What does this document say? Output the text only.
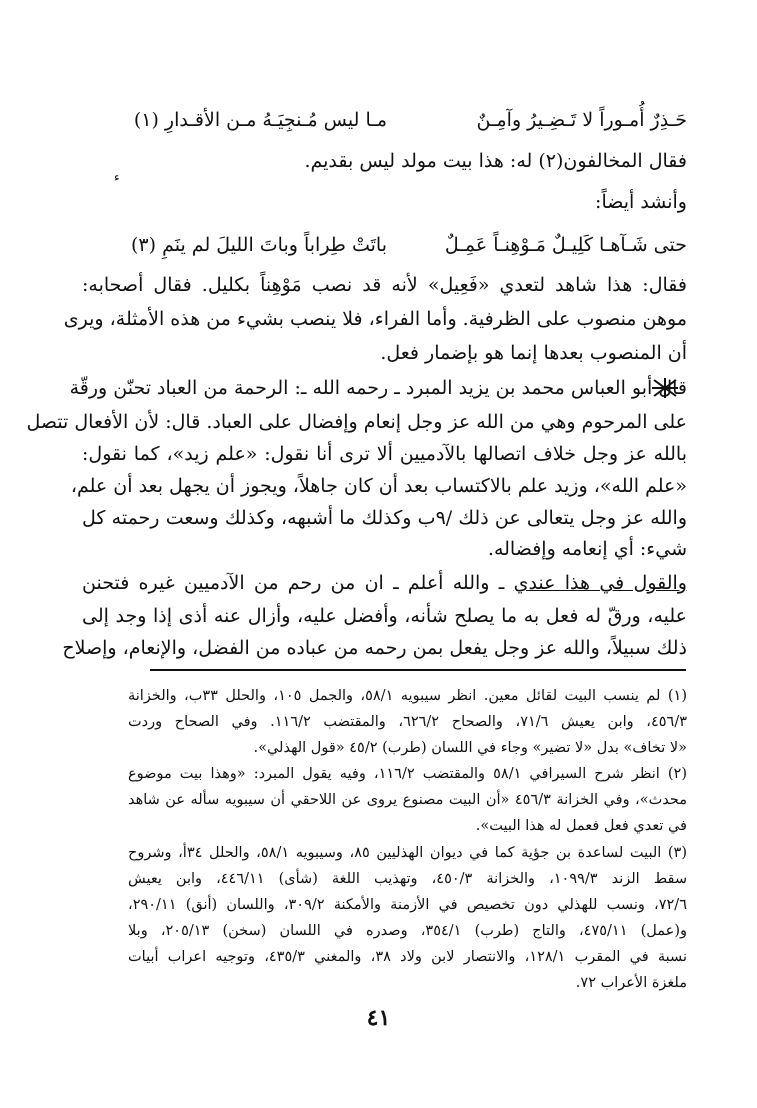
حَـذِرٌ أُمـوراً لا تَـضِـيرُ وآمِـنٌ
مـا ليس مُـنجِيَـهُ مـن الأقـدارِ (١)
فقال المخالفون(٢) له: هذا بيت مولد ليس بقديم.
ء
وأنشد أيضاً:
حتى شَـآهـا كَلِيـلٌ مَـوْهِنـاً عَمِـلٌ
باتَتْ طِراباً وباتَ الليلَ لم ينَمِ (٣)
فقال: هذا شاهد لتعدي «فَعِيل» لأنه قد نصب مَوْهِناً بكليل. فقال أصحابه:
موهن منصوب على الظرفية. وأما الفراء، فلا ينصب بشيء من هذه الأمثلة، ويرى
أن المنصوب بعدها إنما هو بإضمار فعل.
قال أبو العباس محمد بن يزيد المبرد ـ رحمه الله ـ: الرحمة من العباد تحنّن ورقّة
على المرحوم وهي من الله عز وجل إنعام وإفضال على العباد. قال: لأن الأفعال تتصل
بالله عز وجل خلاف اتصالها بالآدميين ألا ترى أنا نقول: «علم زيد»، كما نقول:
«علم الله»، وزيد علم بالاكتساب بعد أن كان جاهلاً، ويجوز أن يجهل بعد أن علم،
والله عز وجل يتعالى عن ذلك /٩ب وكذلك ما أشبهه، وكذلك وسعت رحمته كل
شيء: أي إنعامه وإفضاله.
والقول في هذا عندي ـ والله أعلم ـ ان من رحم من الآدميين غيره فتحنن
عليه، ورقّ له فعل به ما يصلح شأنه، وأفضل عليه، وأزال عنه أذى إذا وجد إلى
ذلك سبيلاً، والله عز وجل يفعل بمن رحمه من عباده من الفضل، والإنعام، وإصلاح
(١) لم ينسب البيت لقائل معين. انظر سيبويه ٥٨/١، والجمل ١٠٥، والحلل ٣٣ب، والخزانة
٤٥٦/٣، وابن يعيش ٧١/٦، والصحاح ٦٢٦/٢، والمقتضب ١١٦/٢. وفي الصحاح وردت
«لا تخاف» بدل «لا تضير» وجاء في اللسان (طرب) ٤٥/٢ «قول الهذلي».
(٢) انظر شرح السيرافي ٥٨/١ والمقتضب ١١٦/٢، وفيه يقول المبرد: «وهذا بيت موضوع
محدث»، وفي الخزانة ٤٥٦/٣ «أن البيت مصنوع يروى عن اللاحقي أن سيبويه سأله عن شاهد
في تعدي فعل فعمل له هذا البيت».
(٣) البيت لساعدة بن جؤية كما في ديوان الهذليين ٨٥، وسيبويه ٥٨/١، والحلل ٣٤أ، وشروح
سقط الزند ١٠٩٩/٣، والخزانة ٤٥٠/٣، وتهذيب اللغة (شأى) ٤٤٦/١١، وابن يعيش
٧٢/٦، ونسب للهذلي دون تخصيص في الأزمنة والأمكنة ٣٠٩/٢، واللسان (أنق) ٢٩٠/١١،
و(عمل) ٤٧٥/١١، والتاج (طرب) ٣٥٤/١، وصدره في اللسان (سخن) ٢٠٥/١٣، وبلا
نسبة في المقرب ١٢٨/١، والانتصار لابن ولاد ٣٨، والمغني ٤٣٥/٣، وتوجيه اعراب أبيات
ملغزة الأعراب ٧٢.
٤١
